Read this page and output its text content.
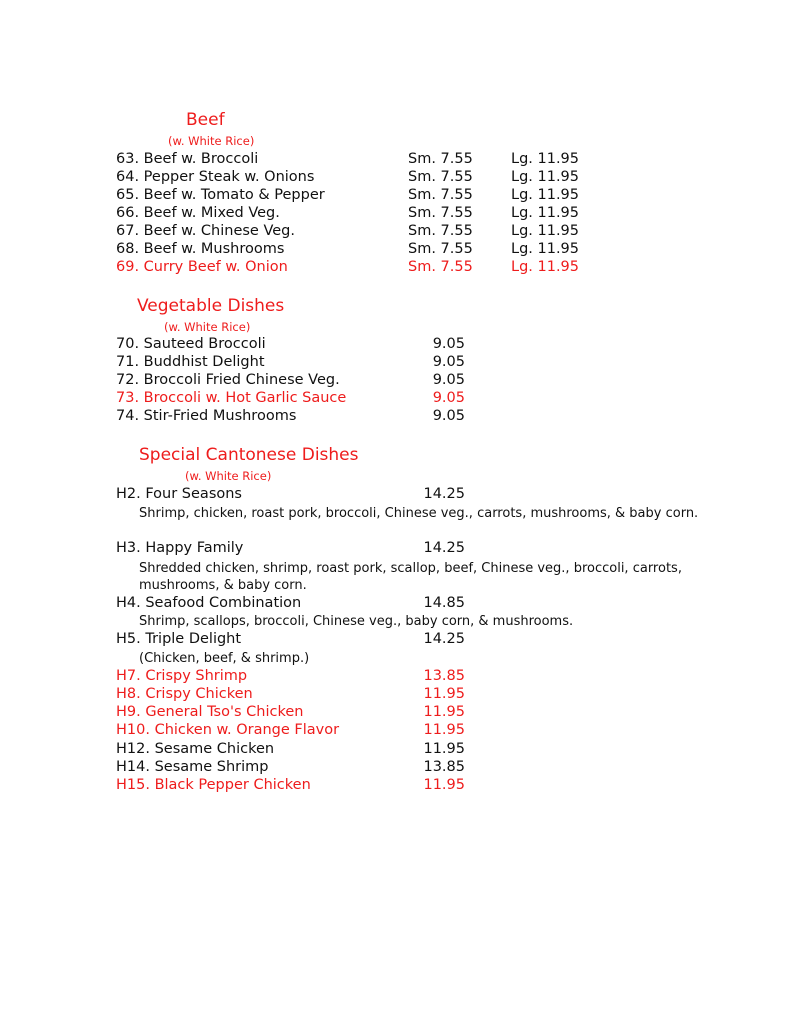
Beef
(w. White Rice)
63. Beef w. Broccoli	Sm. 7.55	Lg. 11.95
64. Pepper Steak w. Onions	Sm. 7.55	Lg. 11.95
65. Beef w. Tomato & Pepper	Sm. 7.55	Lg. 11.95
66. Beef w. Mixed Veg.	Sm. 7.55	Lg. 11.95
67. Beef w. Chinese Veg.	Sm. 7.55	Lg. 11.95
68. Beef w. Mushrooms	Sm. 7.55	Lg. 11.95
69. Curry Beef w. Onion	Sm. 7.55	Lg. 11.95
Vegetable Dishes
(w. White Rice)
70. Sauteed Broccoli	9.05
71. Buddhist Delight	9.05
72. Broccoli Fried Chinese Veg.	9.05
73. Broccoli w. Hot Garlic Sauce	9.05
74. Stir-Fried Mushrooms	9.05
Special Cantonese Dishes
(w. White Rice)
H2. Four Seasons	14.25
Shrimp, chicken, roast pork, broccoli, Chinese veg., carrots, mushrooms, & baby corn.
H3. Happy Family	14.25
Shredded chicken, shrimp, roast pork, scallop, beef, Chinese veg., broccoli, carrots, mushrooms, & baby corn.
H4. Seafood Combination	14.85
Shrimp, scallops, broccoli, Chinese veg., baby corn, & mushrooms.
H5. Triple Delight	14.25
(Chicken, beef, & shrimp.)
H7. Crispy Shrimp	13.85
H8. Crispy Chicken	11.95
H9. General Tso's Chicken	11.95
H10. Chicken w. Orange Flavor	11.95
H12. Sesame Chicken	11.95
H14. Sesame Shrimp	13.85
H15. Black Pepper Chicken	11.95
